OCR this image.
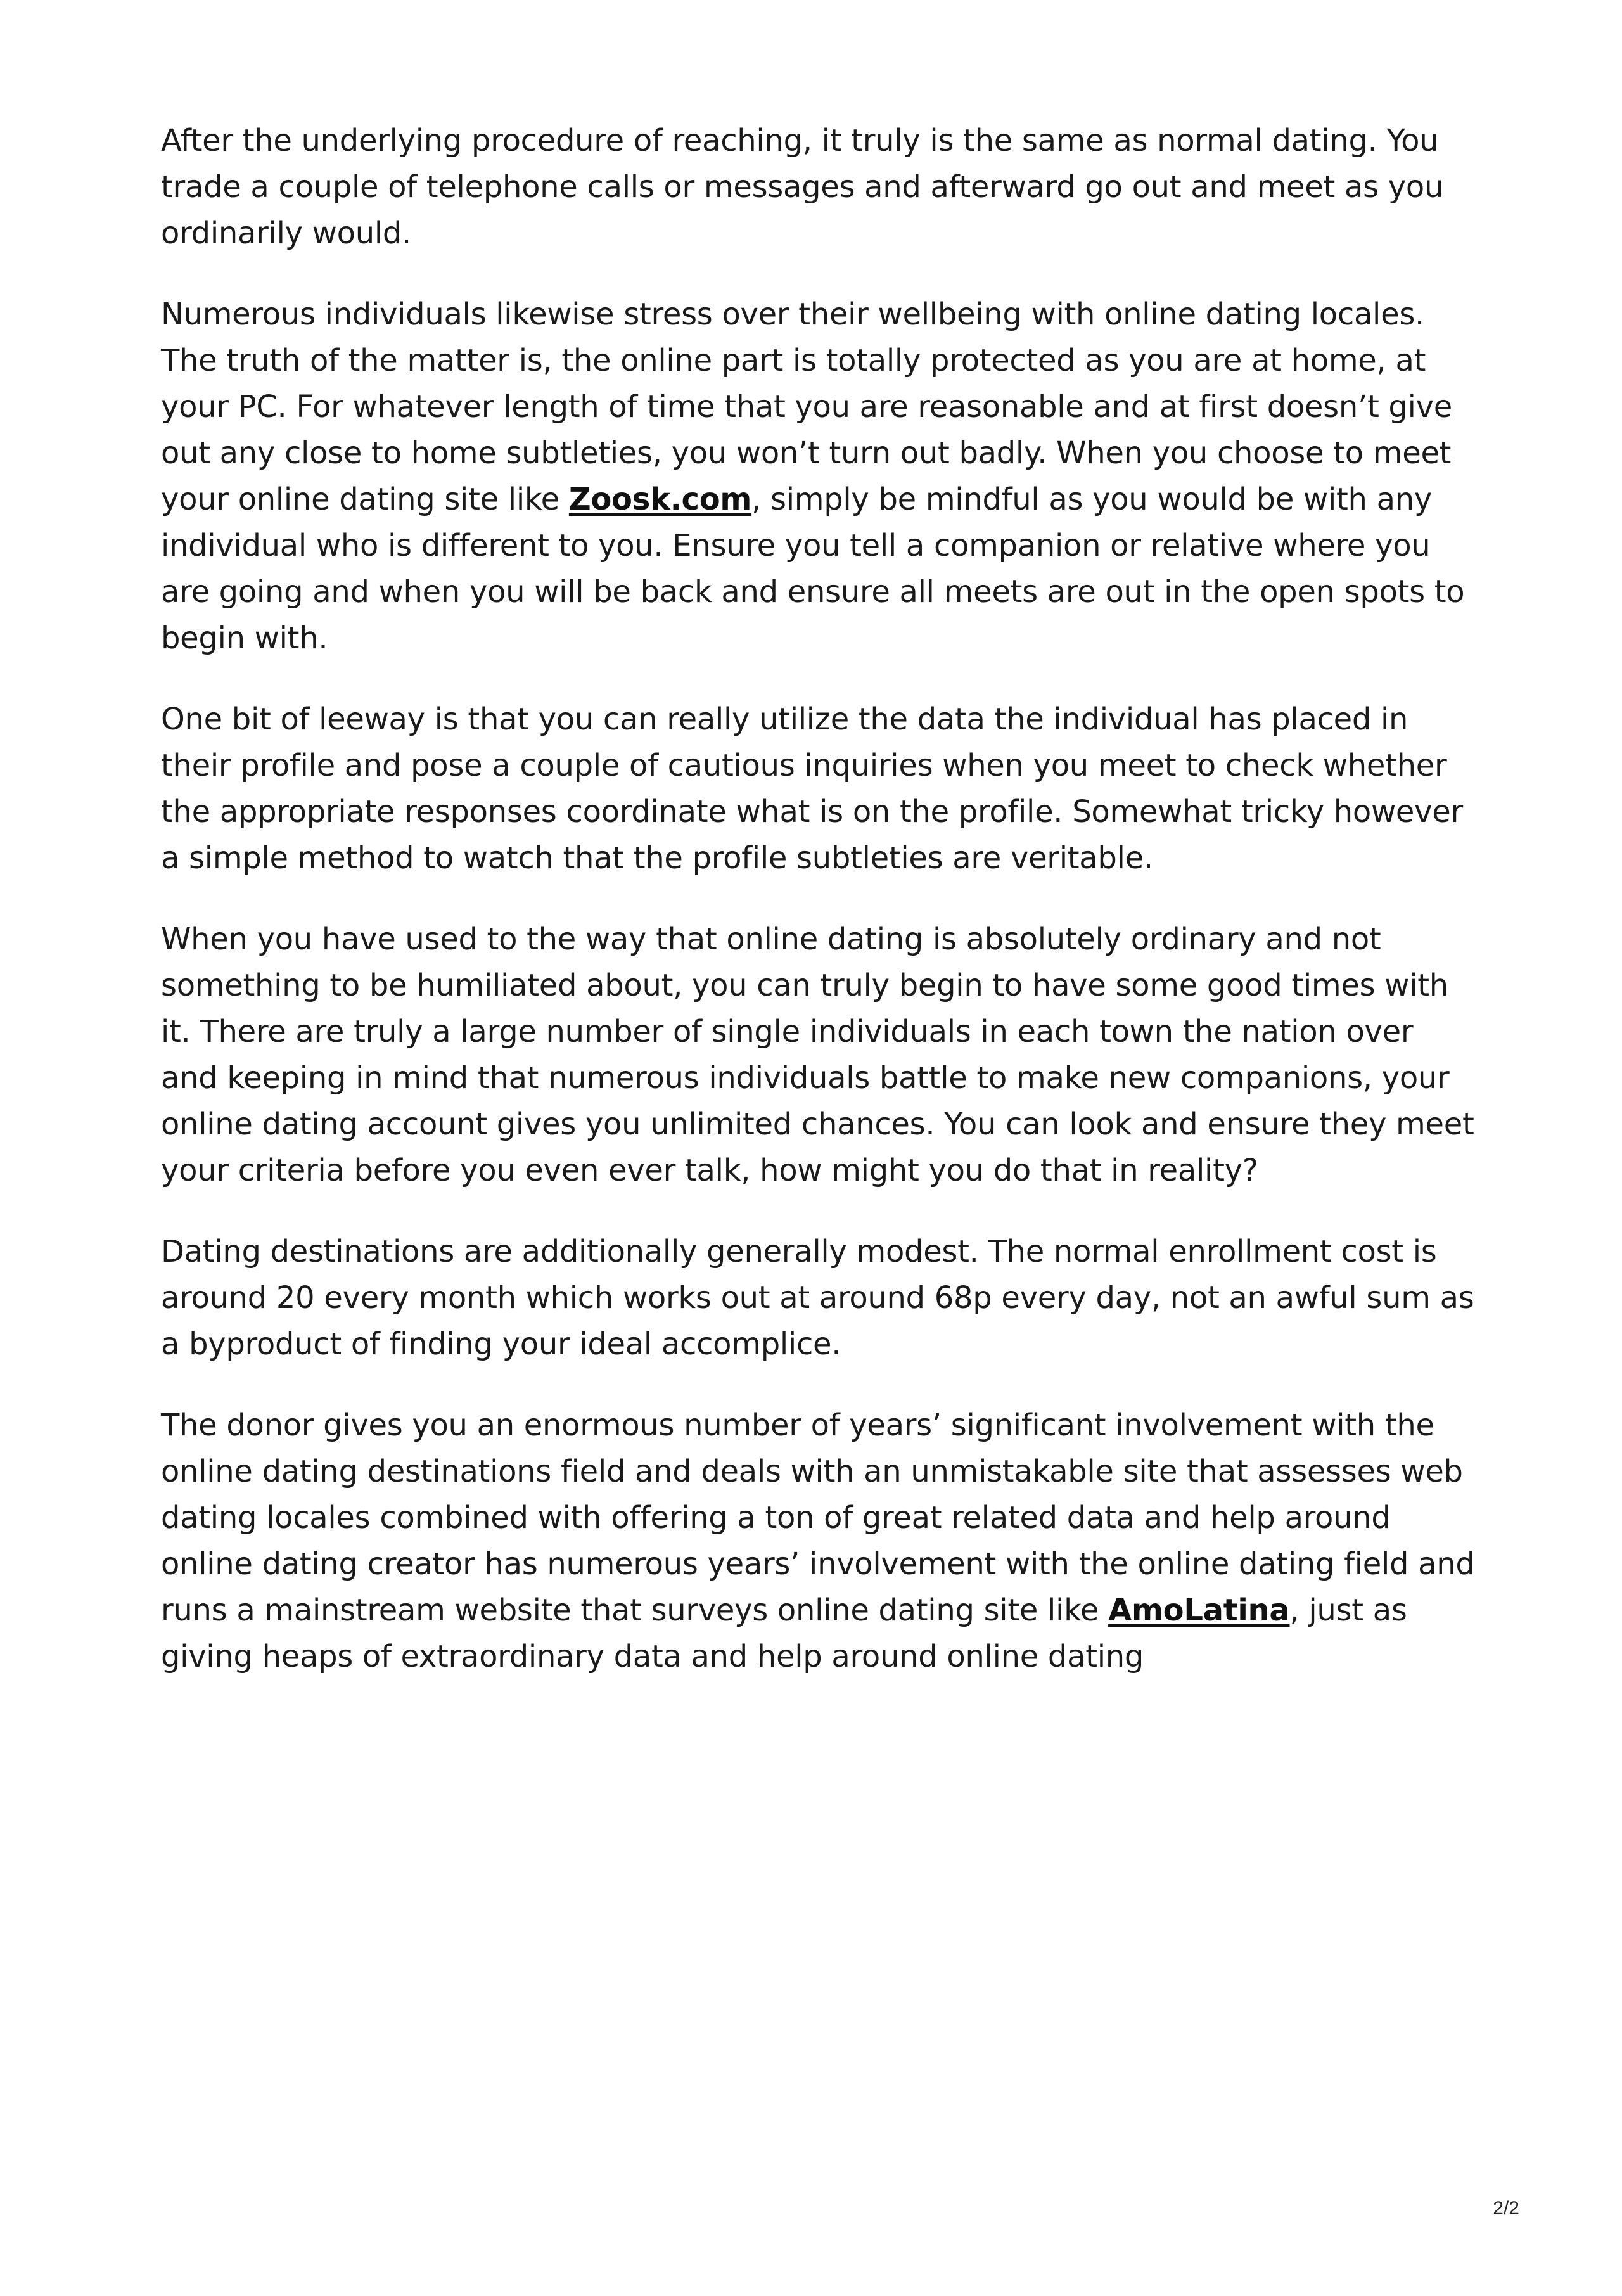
After the underlying procedure of reaching, it truly is the same as normal dating. You trade a couple of telephone calls or messages and afterward go out and meet as you ordinarily would.

Numerous individuals likewise stress over their wellbeing with online dating locales. The truth of the matter is, the online part is totally protected as you are at home, at your PC. For whatever length of time that you are reasonable and at first doesn’t give out any close to home subtleties, you won’t turn out badly. When you choose to meet your online dating site like Zoosk.com, simply be mindful as you would be with any individual who is different to you. Ensure you tell a companion or relative where you are going and when you will be back and ensure all meets are out in the open spots to begin with.

One bit of leeway is that you can really utilize the data the individual has placed in their profile and pose a couple of cautious inquiries when you meet to check whether the appropriate responses coordinate what is on the profile. Somewhat tricky however a simple method to watch that the profile subtleties are veritable.

When you have used to the way that online dating is absolutely ordinary and not something to be humiliated about, you can truly begin to have some good times with it. There are truly a large number of single individuals in each town the nation over and keeping in mind that numerous individuals battle to make new companions, your online dating account gives you unlimited chances. You can look and ensure they meet your criteria before you even ever talk, how might you do that in reality?

Dating destinations are additionally generally modest. The normal enrollment cost is around 20 every month which works out at around 68p every day, not an awful sum as a byproduct of finding your ideal accomplice.

The donor gives you an enormous number of years’ significant involvement with the online dating destinations field and deals with an unmistakable site that assesses web dating locales combined with offering a ton of great related data and help around online dating creator has numerous years’ involvement with the online dating field and runs a mainstream website that surveys online dating site like AmoLatina, just as giving heaps of extraordinary data and help around online dating

2/2
